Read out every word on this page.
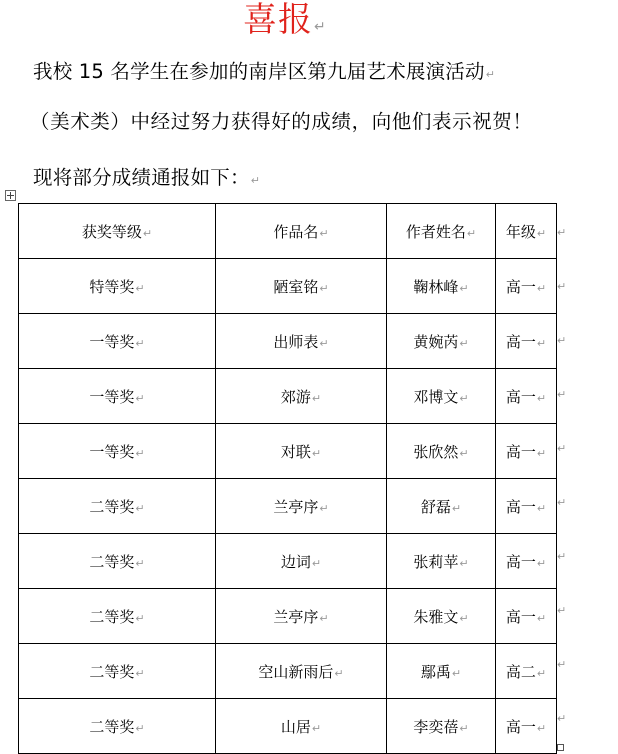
喜报↵
我校 15 名学生在参加的南岸区第九届艺术展演活动↵
（美术类）中经过努力获得好的成绩，向他们表示祝贺！
现将部分成绩通报如下：↵
获奖等级↵	作品名↵	作者姓名↵	年级↵
特等奖↵	陋室铭↵	鞠林峰↵	高一↵
一等奖↵	出师表↵	黄婉芮↵	高一↵
一等奖↵	郊游↵	邓博文↵	高一↵
一等奖↵	对联↵	张欣然↵	高一↵
二等奖↵	兰亭序↵	舒磊↵	高一↵
二等奖↵	边词↵	张莉苹↵	高一↵
二等奖↵	兰亭序↵	朱雅文↵	高一↵
二等奖↵	空山新雨后↵	鄢禹↵	高二↵
二等奖↵	山居↵	李奕蓓↵	高一↵
↵
↵
↵
↵
↵
↵
↵
↵
↵
↵
